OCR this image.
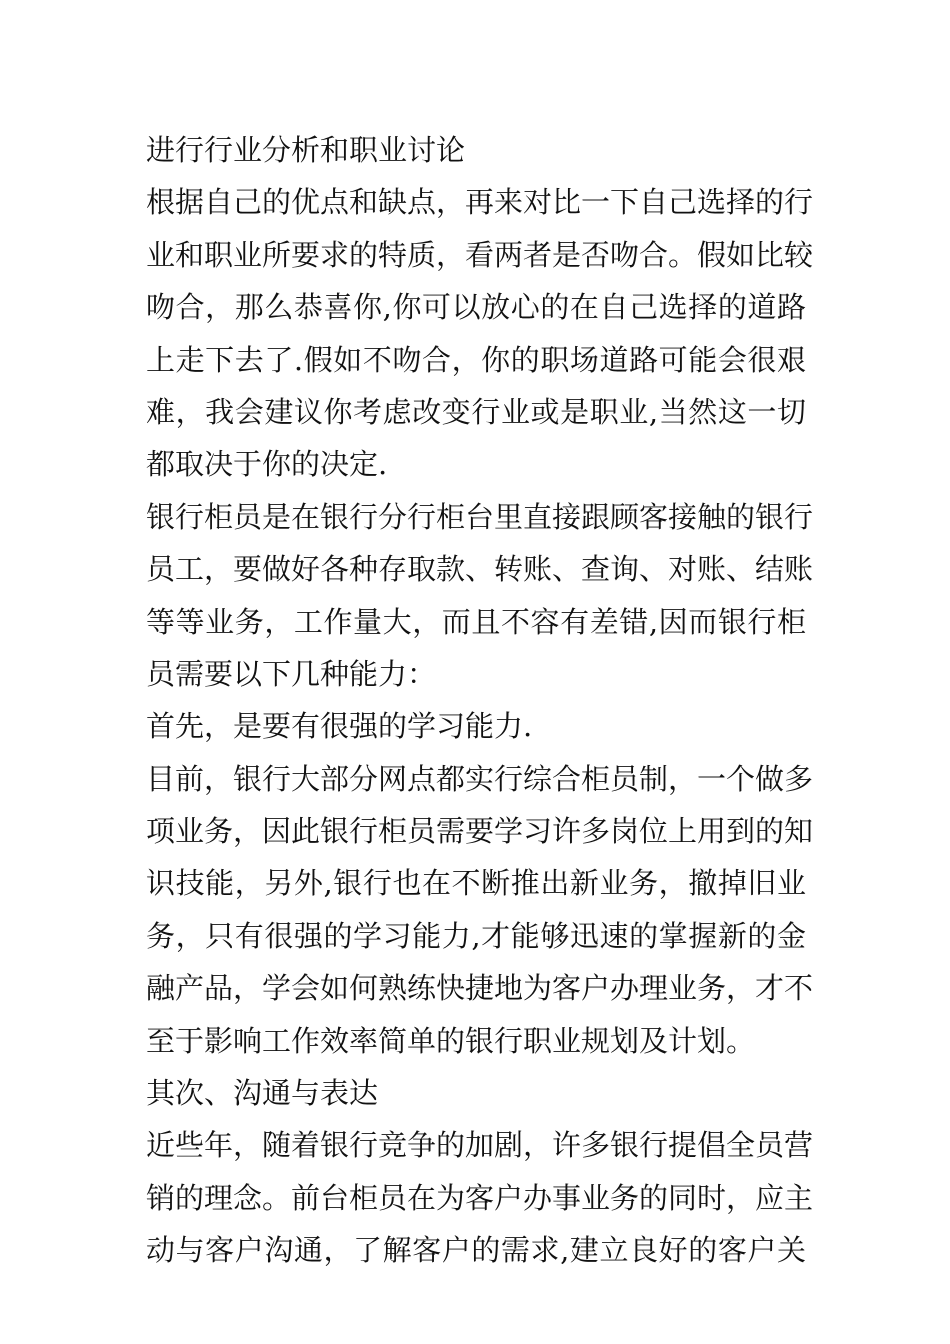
进行行业分析和职业讨论
根据自己的优点和缺点，再来对比一下自己选择的行
业和职业所要求的特质，看两者是否吻合。假如比较
吻合，那么恭喜你,你可以放心的在自己选择的道路
上走下去了.假如不吻合，你的职场道路可能会很艰
难，我会建议你考虑改变行业或是职业,当然这一切
都取决于你的决定.
银行柜员是在银行分行柜台里直接跟顾客接触的银行
员工，要做好各种存取款、转账、查询、对账、结账
等等业务，工作量大，而且不容有差错,因而银行柜
员需要以下几种能力：
首先，是要有很强的学习能力.
目前，银行大部分网点都实行综合柜员制，一个做多
项业务，因此银行柜员需要学习许多岗位上用到的知
识技能，另外,银行也在不断推出新业务，撤掉旧业
务，只有很强的学习能力,才能够迅速的掌握新的金
融产品，学会如何熟练快捷地为客户办理业务，才不
至于影响工作效率简单的银行职业规划及计划。
其次、沟通与表达
近些年，随着银行竞争的加剧，许多银行提倡全员营
销的理念。前台柜员在为客户办事业务的同时，应主
动与客户沟通，了解客户的需求,建立良好的客户关
